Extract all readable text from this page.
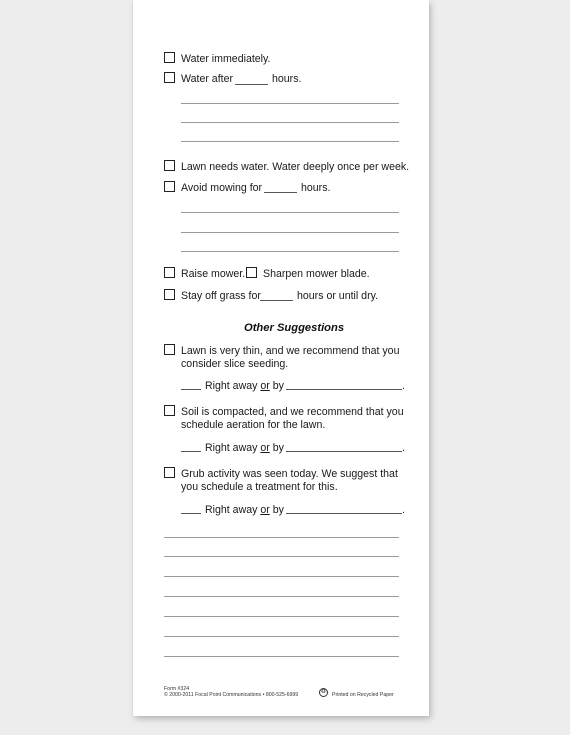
Water immediately.
Water after	hours.
Lawn needs water. Water deeply once per week.
Avoid mowing for	hours.
Raise mower. Sharpen mower blade.
Stay off grass for	hours or until dry.
Other Suggestions
Lawn is very thin, and we recommend that you
consider slice seeding.
Right away or by	.
Soil is compacted, and we recommend that you
schedule aeration for the lawn.
Right away or by	.
Grub activity was seen today. We suggest that
you schedule a treatment for this.
Right away or by	.
Form #324
© 2000-2011 Focal Point Communications • 800-525-6999	♻	Printed on Recycled Paper
